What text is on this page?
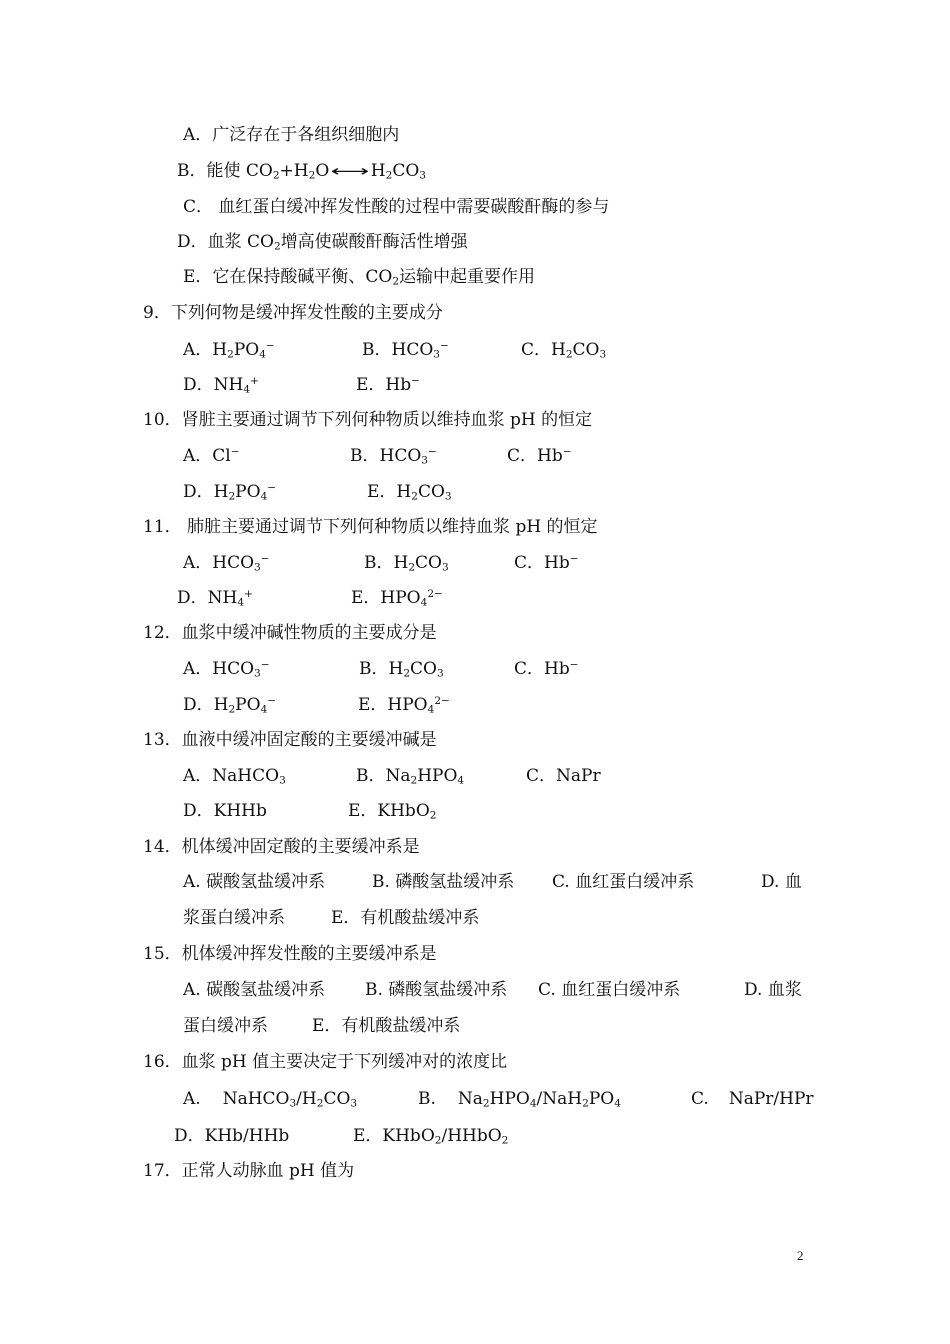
A．广泛存在于各组织细胞内
B．能使 $CO_2+H_2O⟷H_2CO_3$
C． 血红蛋白缓冲挥发性酸的过程中需要碳酸酐酶的参与
D．血浆 $CO_2$增高使碳酸酐酶活性增强
E．它在保持酸碱平衡、$CO_2$运输中起重要作用
9．下列何物是缓冲挥发性酸的主要成分
A．$H_2PO_4^-$	B．$HCO_3^-$	C．$H_2CO_3$
D．$NH_4^+$	E．Hb−
10．肾脏主要通过调节下列何种物质以维持血浆 pH 的恒定
A．Cl−	B．$HCO_3^-$	C．Hb−
D．$H_2PO_4^-$	E．$H_2CO_3$
11． 肺脏主要通过调节下列何种物质以维持血浆 pH 的恒定
A．$HCO_3^-$	B．$H_2CO_3$	C．Hb−
D．$NH_4^+$	E．$HPO_4^{2-}$
12．血浆中缓冲碱性物质的主要成分是
A．$HCO_3^-$	B．$H_2CO_3$	C．Hb−
D．$H_2PO_4^-$	E．$HPO_4^{2-}$
13．血液中缓冲固定酸的主要缓冲碱是
A．NaHCO$_3$	B．$Na_2HPO_4$	C．NaPr
D．KHHb	E．KHbO$_2$
14．机体缓冲固定酸的主要缓冲系是
A. 碳酸氢盐缓冲系	B. 磷酸氢盐缓冲系 C. 血红蛋白缓冲系	D. 血
浆蛋白缓冲系	E．有机酸盐缓冲系
15．机体缓冲挥发性酸的主要缓冲系是
A. 碳酸氢盐缓冲系 B. 磷酸氢盐缓冲系 C. 血红蛋白缓冲系	D. 血浆
蛋白缓冲系	E．有机酸盐缓冲系
16．血浆 pH 值主要决定于下列缓冲对的浓度比
A. $NaHCO_3/H_2CO_3$	B. $Na_2HPO_4/NaH_2PO_4$	C. NaPr/HPr
D．KHb/HHb	E．KHbO$_2$/HHbO$_2$
17．正常人动脉血 pH 值为
2
